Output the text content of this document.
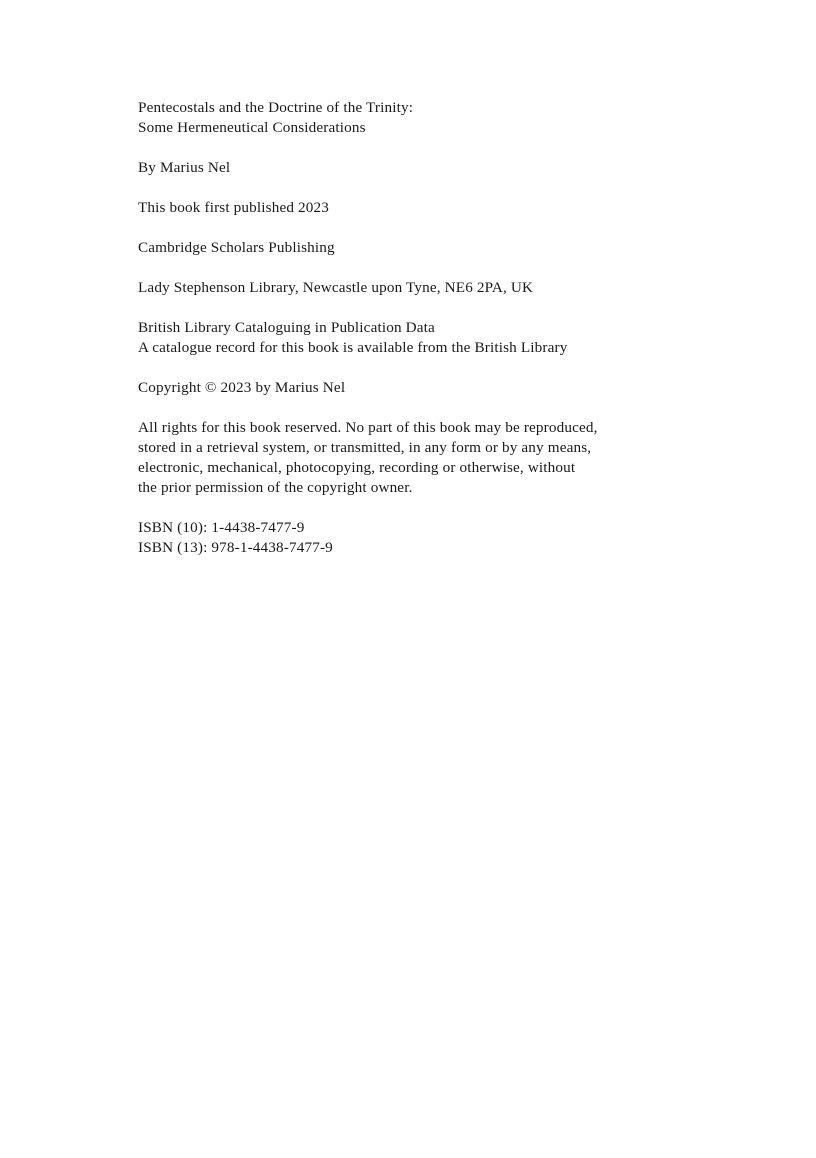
Pentecostals and the Doctrine of the Trinity:
Some Hermeneutical Considerations
By Marius Nel
This book first published 2023
Cambridge Scholars Publishing
Lady Stephenson Library, Newcastle upon Tyne, NE6 2PA, UK
British Library Cataloguing in Publication Data
A catalogue record for this book is available from the British Library
Copyright © 2023 by Marius Nel
All rights for this book reserved. No part of this book may be reproduced,
stored in a retrieval system, or transmitted, in any form or by any means,
electronic, mechanical, photocopying, recording or otherwise, without
the prior permission of the copyright owner.
ISBN (10): 1-4438-7477-9
ISBN (13): 978-1-4438-7477-9
